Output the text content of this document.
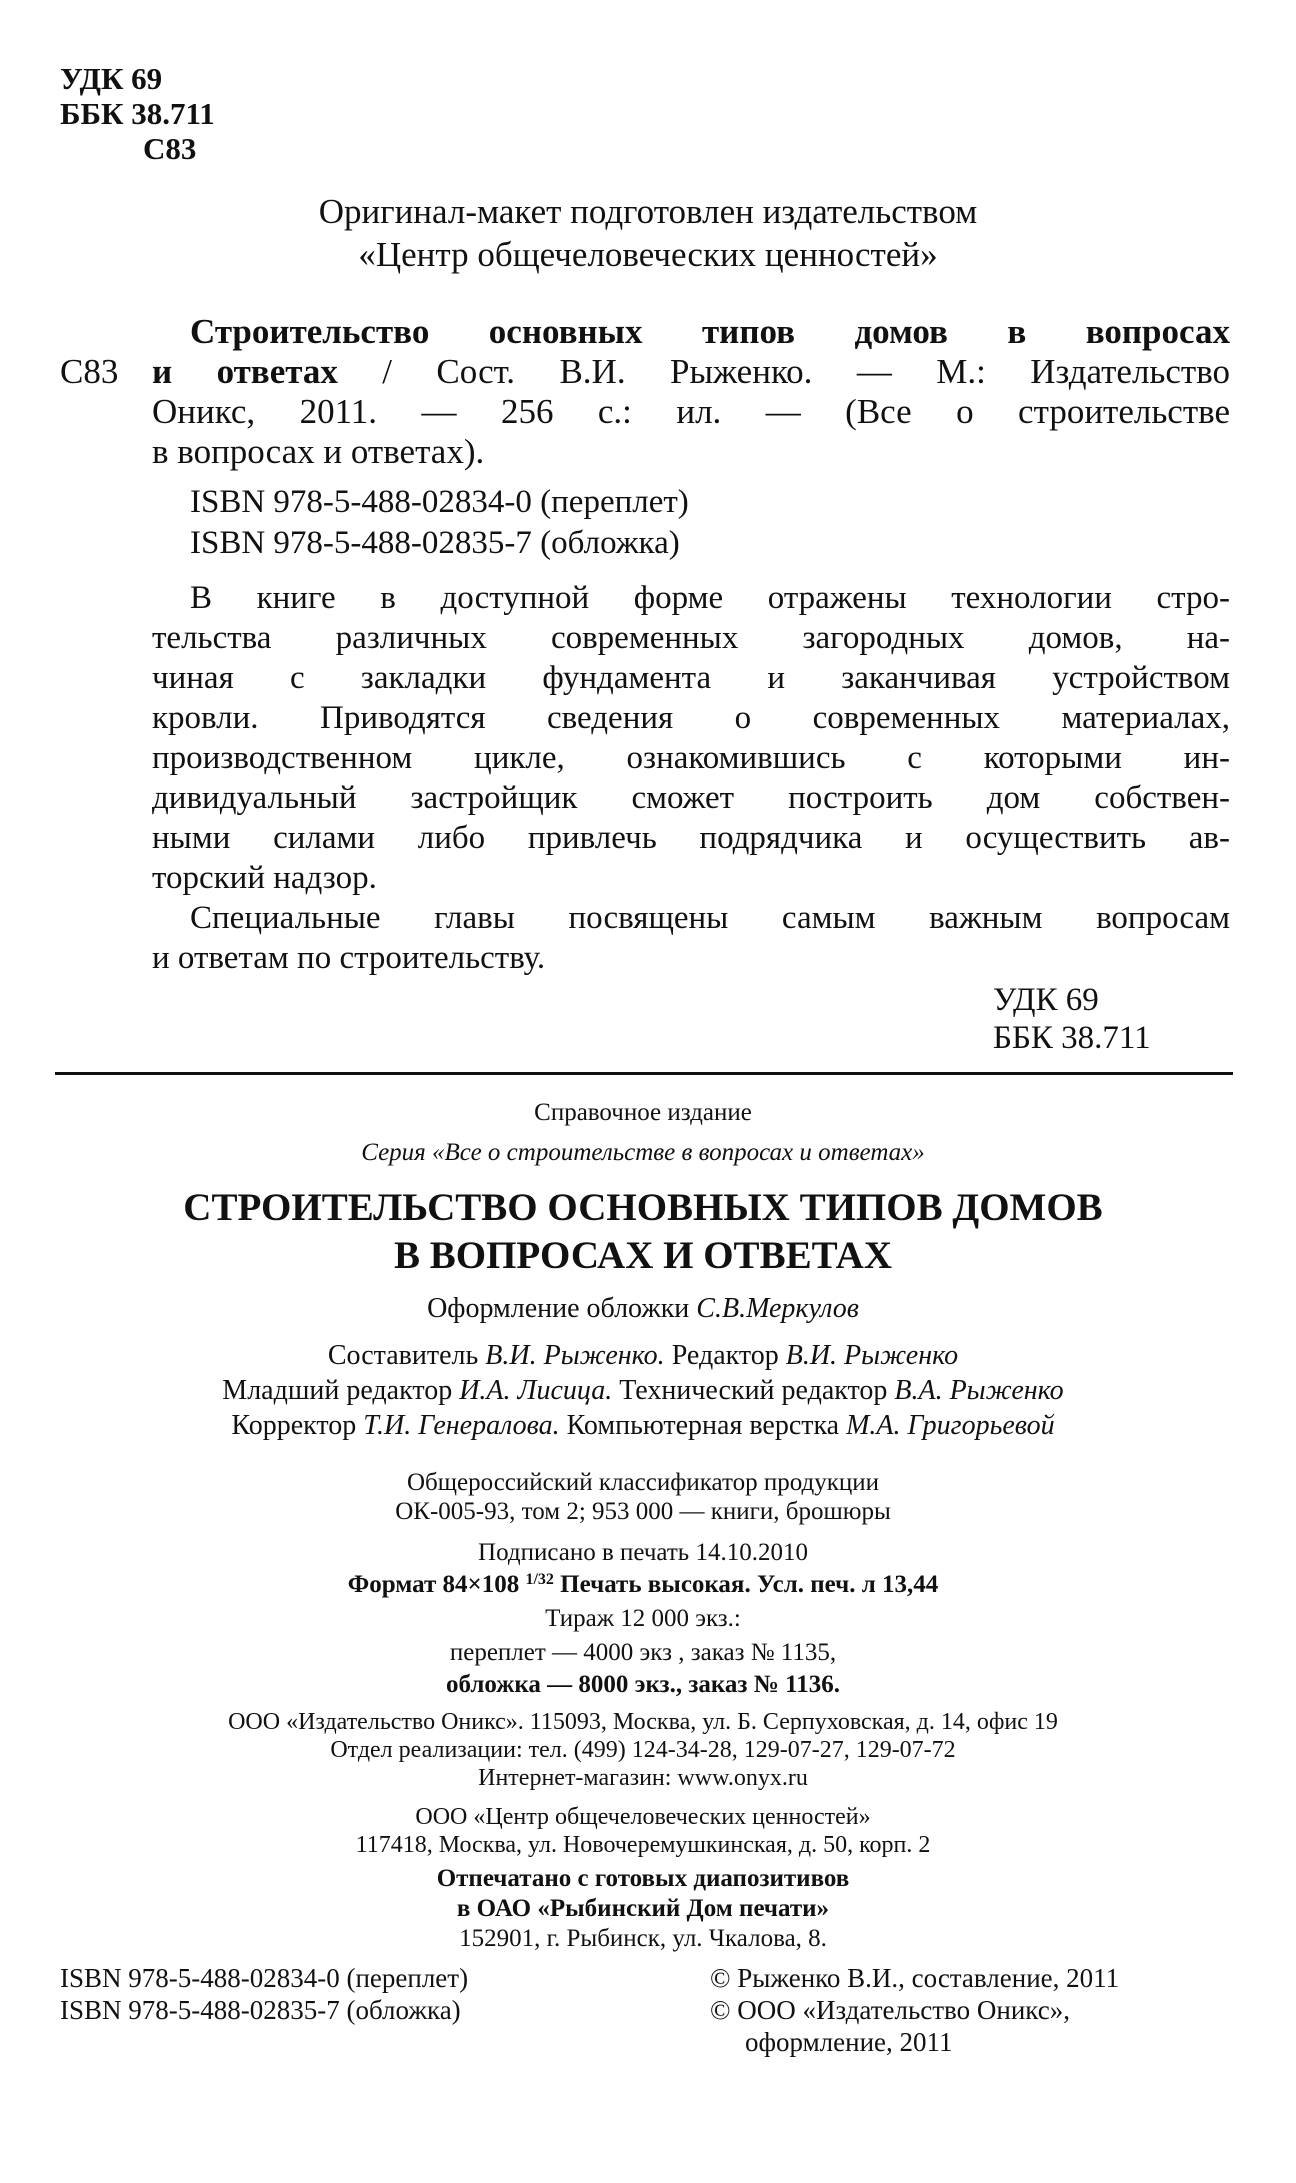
УДК 69
ББК 38.711
С83
Оригинал-макет подготовлен издательством
«Центр общечеловеческих ценностей»
С83
Строительство основных типов домов в вопросах
и ответах / Сост. В.И. Рыженко. — М.: Издательство
Оникс, 2011. — 256 с.: ил. — (Все о строительстве
в вопросах и ответах).
ISBN 978-5-488-02834-0 (переплет)
ISBN 978-5-488-02835-7 (обложка)
В книге в доступной форме отражены технологии стро-
тельства различных современных загородных домов, на-
чиная с закладки фундамента и заканчивая устройством
кровли. Приводятся сведения о современных материалах,
производственном цикле, ознакомившись с которыми ин-
дивидуальный застройщик сможет построить дом собствен-
ными силами либо привлечь подрядчика и осуществить ав-
торский надзор.
Специальные главы посвящены самым важным вопросам
и ответам по строительству.
УДК 69
ББК 38.711
Справочное издание
Серия «Все о строительстве в вопросах и ответах»
СТРОИТЕЛЬСТВО ОСНОВНЫХ ТИПОВ ДОМОВ
В ВОПРОСАХ И ОТВЕТАХ
Оформление обложки С.В.Меркулов
Составитель В.И. Рыженко. Редактор В.И. Рыженко
Младший редактор И.А. Лисица. Технический редактор В.А. Рыженко
Корректор Т.И. Генералова. Компьютерная верстка М.А. Григорьевой
Общероссийский классификатор продукции
ОК-005-93, том 2; 953 000 — книги, брошюры
Подписано в печать 14.10.2010
Формат 84×108 $^{1/32}$ Печать высокая. Усл. печ. л 13,44
Тираж 12 000 экз.:
переплет — 4000 экз , заказ № 1135,
обложка — 8000 экз., заказ № 1136.
ООО «Издательство Оникс». 115093, Москва, ул. Б. Серпуховская, д. 14, офис 19
Отдел реализации: тел. (499) 124-34-28, 129-07-27, 129-07-72
Интернет-магазин: www.onyx.ru
ООО «Центр общечеловеческих ценностей»
117418, Москва, ул. Новочеремушкинская, д. 50, корп. 2
Отпечатано с готовых диапозитивов
в ОАО «Рыбинский Дом печати»
152901, г. Рыбинск, ул. Чкалова, 8.
ISBN 978-5-488-02834-0 (переплет)
ISBN 978-5-488-02835-7 (обложка)
© Рыженко В.И., составление, 2011
© ООО «Издательство Оникс»,
оформление, 2011
